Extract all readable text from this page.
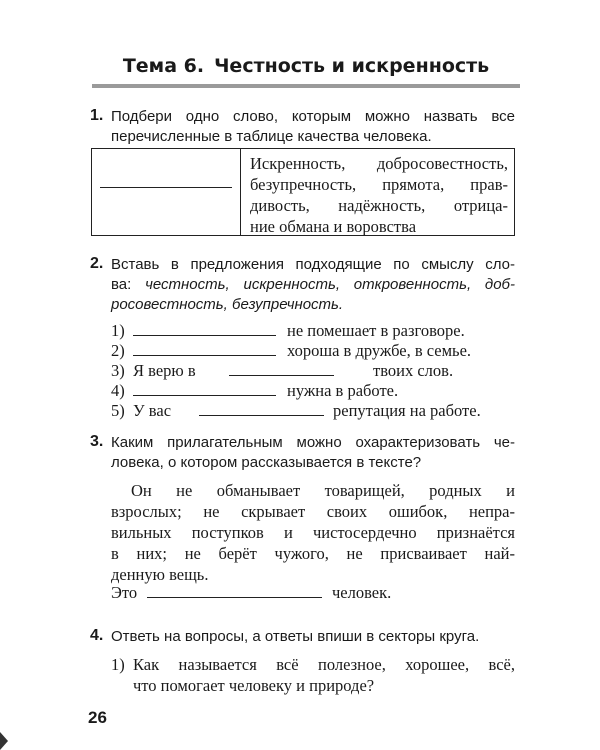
Тема 6. Честность и искренность
1. Подбери одно слово, которым можно назвать все
перечисленные в таблице качества человека.
Искренность, добросовестность,
безупречность, прямота, прав-
дивость, надёжность, отрица-
ние обмана и воровства
2. Вставь в предложения подходящие по смыслу сло-
ва: честность, искренность, откровенность, доб-
росовестность, безупречность.
1)	не помешает в разговоре.
2)	хороша в дружбе, в семье.
3) Я верю в	твоих слов.
4)	нужна в работе.
5) У вас	репутация на работе.
3. Каким прилагательным можно охарактеризовать че-
ловека, о котором рассказывается в тексте?
Он не обманывает товарищей, родных и
взрослых; не скрывает своих ошибок, непра-
вильных поступков и чистосердечно признаётся
в них; не берёт чужого, не присваивает най-
денную вещь.
Это	человек.
4. Ответь на вопросы, а ответы впиши в секторы круга.
1) Как называется всё полезное, хорошее, всё,
что помогает человеку и природе?
26
